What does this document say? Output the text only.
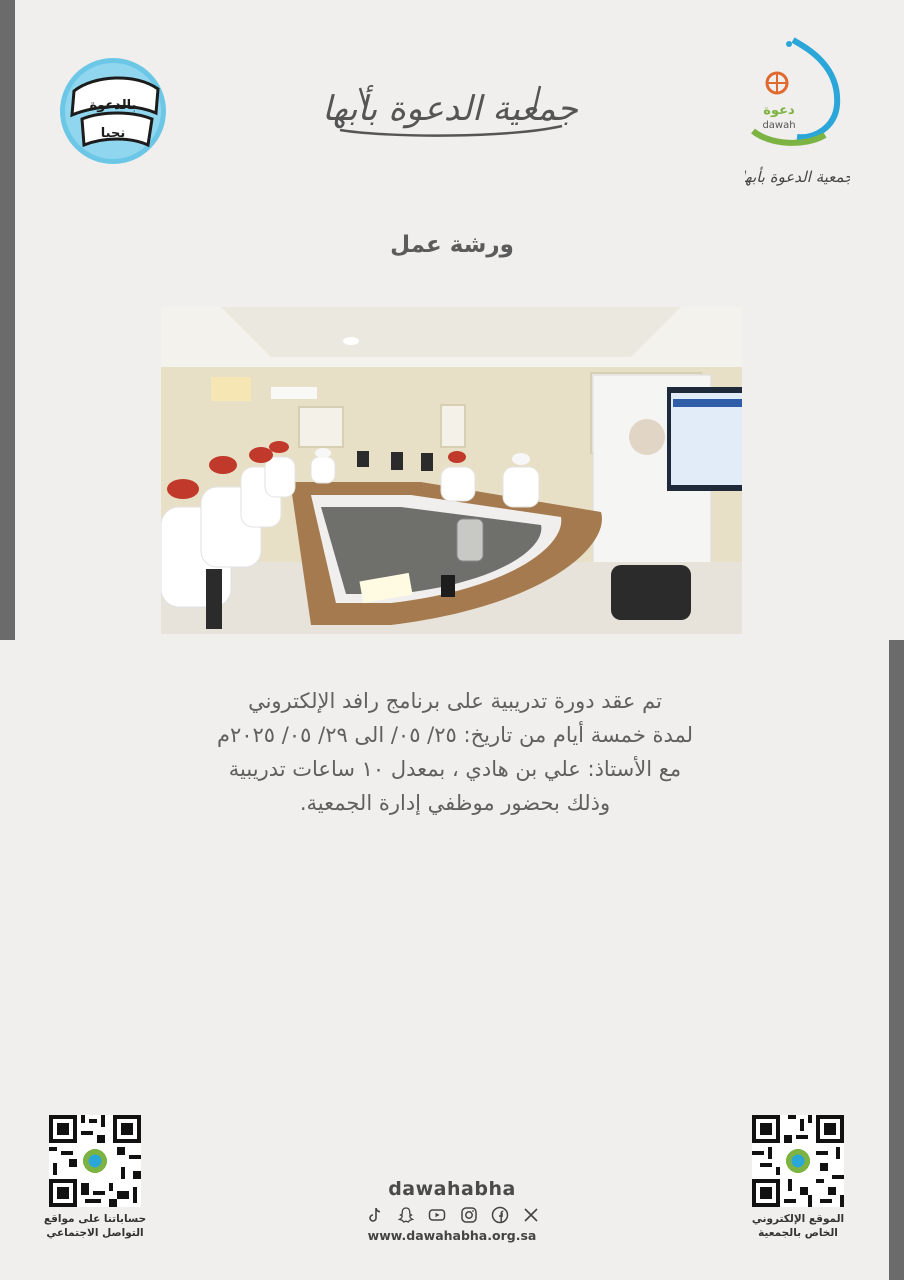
بالدعوة
نحيا
جمعية الدعوة بأبها	دعوة
dawah
جمعية الدعوة بأبها
ورشة عمل

تم عقد دورة تدريبية على برنامج رافد الإلكتروني

لمدة خمسة أيام من تاريخ: ٢٥/ ٠٥/ الى ٢٩/ ٠٥/ ٢٠٢٥م

مع الأستاذ: علي بن هادي ، بمعدل ١٠ ساعات تدريبية

وذلك بحضور موظفي إدارة الجمعية.

حساباتنا على مواقع
التواصل الاجتماعي
الموقع الإلكتروني
الخاص بالجمعية
dawahabha
www.dawahabha.org.sa
